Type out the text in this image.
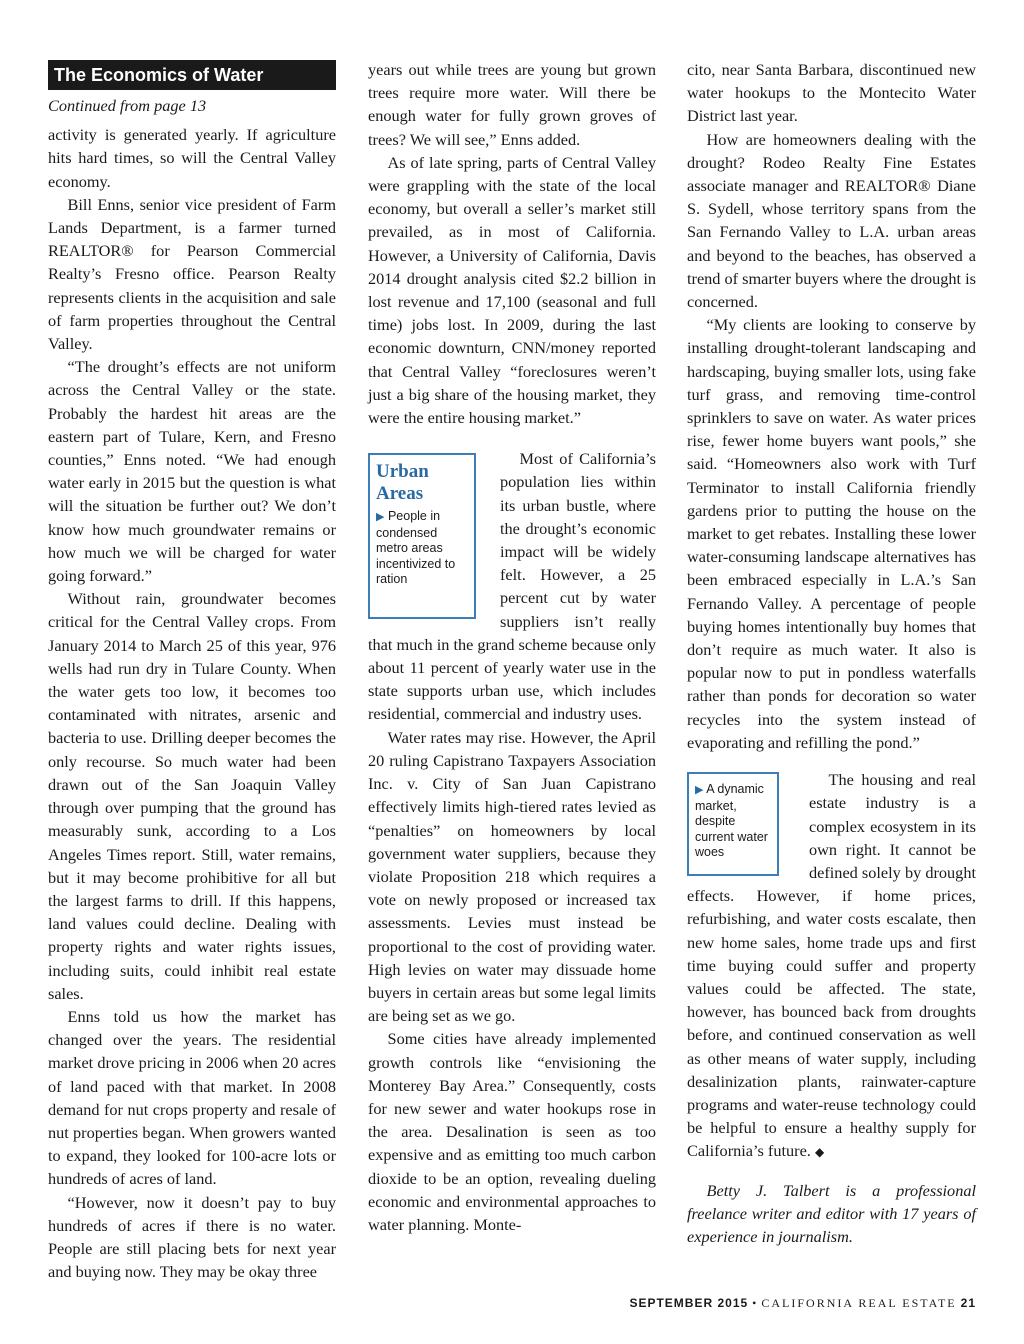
The Economics of Water
Continued from page 13

activity is generated yearly. If agriculture hits hard times, so will the Central Valley economy.

Bill Enns, senior vice president of Farm Lands Department, is a farmer turned REALTOR® for Pearson Commercial Realty’s Fresno office. Pearson Realty represents clients in the acquisition and sale of farm properties throughout the Central Valley.

“The drought’s effects are not uniform across the Central Valley or the state. Probably the hardest hit areas are the eastern part of Tulare, Kern, and Fresno counties,” Enns noted. “We had enough water early in 2015 but the question is what will the situation be further out? We don’t know how much groundwater remains or how much we will be charged for water going forward.”

Without rain, groundwater becomes critical for the Central Valley crops. From January 2014 to March 25 of this year, 976 wells had run dry in Tulare County. When the water gets too low, it becomes too contaminated with nitrates, arsenic and bacteria to use. Drilling deeper becomes the only recourse. So much water had been drawn out of the San Joaquin Valley through over pumping that the ground has measurably sunk, according to a Los Angeles Times report. Still, water remains, but it may become prohibitive for all but the largest farms to drill. If this happens, land values could decline. Dealing with property rights and water rights issues, including suits, could inhibit real estate sales.

Enns told us how the market has changed over the years. The residential market drove pricing in 2006 when 20 acres of land paced with that market. In 2008 demand for nut crops property and resale of nut properties began. When growers wanted to expand, they looked for 100-acre lots or hundreds of acres of land.

“However, now it doesn’t pay to buy hundreds of acres if there is no water. People are still placing bets for next year and buying now. They may be okay three

years out while trees are young but grown trees require more water. Will there be enough water for fully grown groves of trees? We will see,” Enns added.

As of late spring, parts of Central Valley were grappling with the state of the local economy, but overall a seller’s market still prevailed, as in most of California. However, a University of California, Davis 2014 drought analysis cited $2.2 billion in lost revenue and 17,100 (seasonal and full time) jobs lost. In 2009, during the last economic downturn, CNN/money reported that Central Valley “foreclosures weren’t just a big share of the housing market, they were the entire housing market.”

Urban Areas
▶ People in condensed metro areas incentivized to ration

Most of California’s population lies within its urban bustle, where the drought’s economic impact will be widely felt. However, a 25 percent cut by water suppliers isn’t really that much in the grand scheme because only about 11 percent of yearly water use in the state supports urban use, which includes residential, commercial and industry uses.

Water rates may rise. However, the April 20 ruling Capistrano Taxpayers Association Inc. v. City of San Juan Capistrano effectively limits high-tiered rates levied as “penalties” on homeowners by local government water suppliers, because they violate Proposition 218 which requires a vote on newly proposed or increased tax assessments. Levies must instead be proportional to the cost of providing water. High levies on water may dissuade home buyers in certain areas but some legal limits are being set as we go.

Some cities have already implemented growth controls like “envisioning the Monterey Bay Area.” Consequently, costs for new sewer and water hookups rose in the area. Desalination is seen as too expensive and as emitting too much carbon dioxide to be an option, revealing dueling economic and environmental approaches to water planning. Monte-

cito, near Santa Barbara, discontinued new water hookups to the Montecito Water District last year.

How are homeowners dealing with the drought? Rodeo Realty Fine Estates associate manager and REALTOR® Diane S. Sydell, whose territory spans from the San Fernando Valley to L.A. urban areas and beyond to the beaches, has observed a trend of smarter buyers where the drought is concerned.

“My clients are looking to conserve by installing drought-tolerant landscaping and hardscaping, buying smaller lots, using fake turf grass, and removing time-control sprinklers to save on water. As water prices rise, fewer home buyers want pools,” she said. “Homeowners also work with Turf Terminator to install California friendly gardens prior to putting the house on the market to get rebates. Installing these lower water-consuming landscape alternatives has been embraced especially in L.A.’s San Fernando Valley. A percentage of people buying homes intentionally buy homes that don’t require as much water. It also is popular now to put in pondless waterfalls rather than ponds for decoration so water recycles into the system instead of evaporating and refilling the pond.”

▶ A dynamic market, despite current water woes

The housing and real estate industry is a complex ecosystem in its own right. It cannot be defined solely by drought effects. However, if home prices, refurbishing, and water costs escalate, then new home sales, home trade ups and first time buying could suffer and property values could be affected. The state, however, has bounced back from droughts before, and continued conservation as well as other means of water supply, including desalinization plants, rainwater-capture programs and water-reuse technology could be helpful to ensure a healthy supply for California’s future. ◆

Betty J. Talbert is a professional freelance writer and editor with 17 years of experience in journalism.

SEPTEMBER 2015 • CALIFORNIA REAL ESTATE 21
